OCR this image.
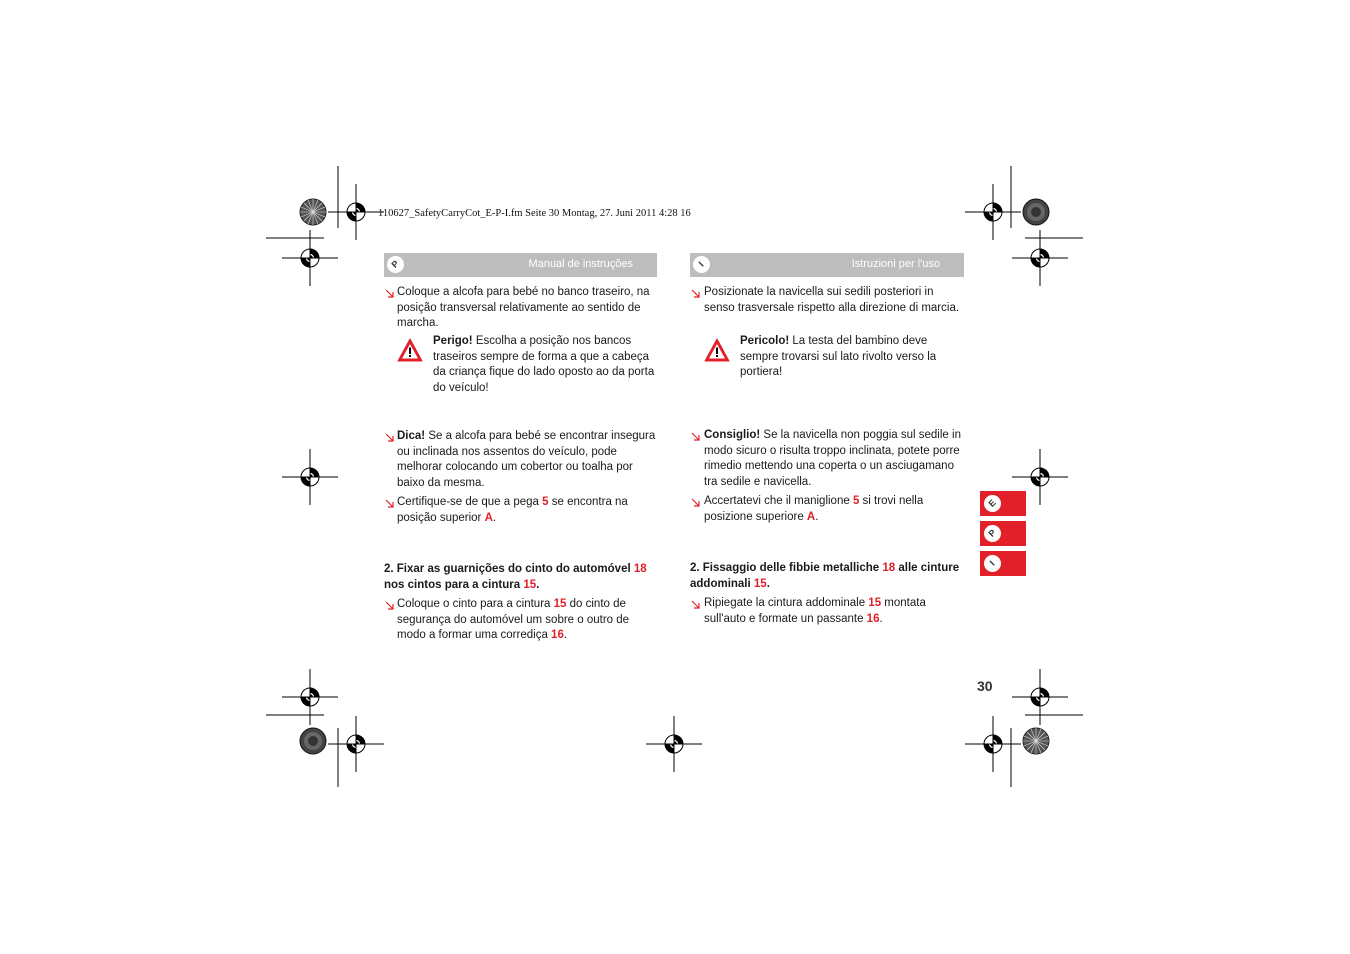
110627_SafetyCarryCot_E-P-I.fm Seite 30 Montag, 27. Juni 2011 4:28 16
P	Manual de instruções
Coloque a alcofa para bebé no banco traseiro, na posição transversal relativamente ao sentido de marcha.
Perigo! Escolha a posição nos bancos traseiros sempre de forma a que a cabeça da criança fique do lado oposto ao da porta do veículo!
Dica! Se a alcofa para bebé se encontrar insegura ou inclinada nos assentos do veículo, pode melhorar colocando um cobertor ou toalha por baixo da mesma.
Certifique-se de que a pega 5 se encontra na posição superior A.
2. Fixar as guarnições do cinto do automóvel 18 nos cintos para a cintura 15.
Coloque o cinto para a cintura 15 do cinto de segurança do automóvel um sobre o outro de modo a formar uma corrediça 16.
I	Istruzioni per l'uso
Posizionate la navicella sui sedili posteriori in senso trasversale rispetto alla direzione di marcia.
Pericolo! La testa del bambino deve sempre trovarsi sul lato rivolto verso la portiera!
Consiglio! Se la navicella non poggia sul sedile in modo sicuro o risulta troppo inclinata, potete porre rimedio mettendo una coperta o un asciugamano tra sedile e navicella.
Accertatevi che il maniglione 5 si trovi nella posizione superiore A.
2. Fissaggio delle fibbie metalliche 18 alle cinture addominali 15.
Ripiegate la cintura addominale 15 montata sull'auto e formate un passante 16.
E
P
I
30
